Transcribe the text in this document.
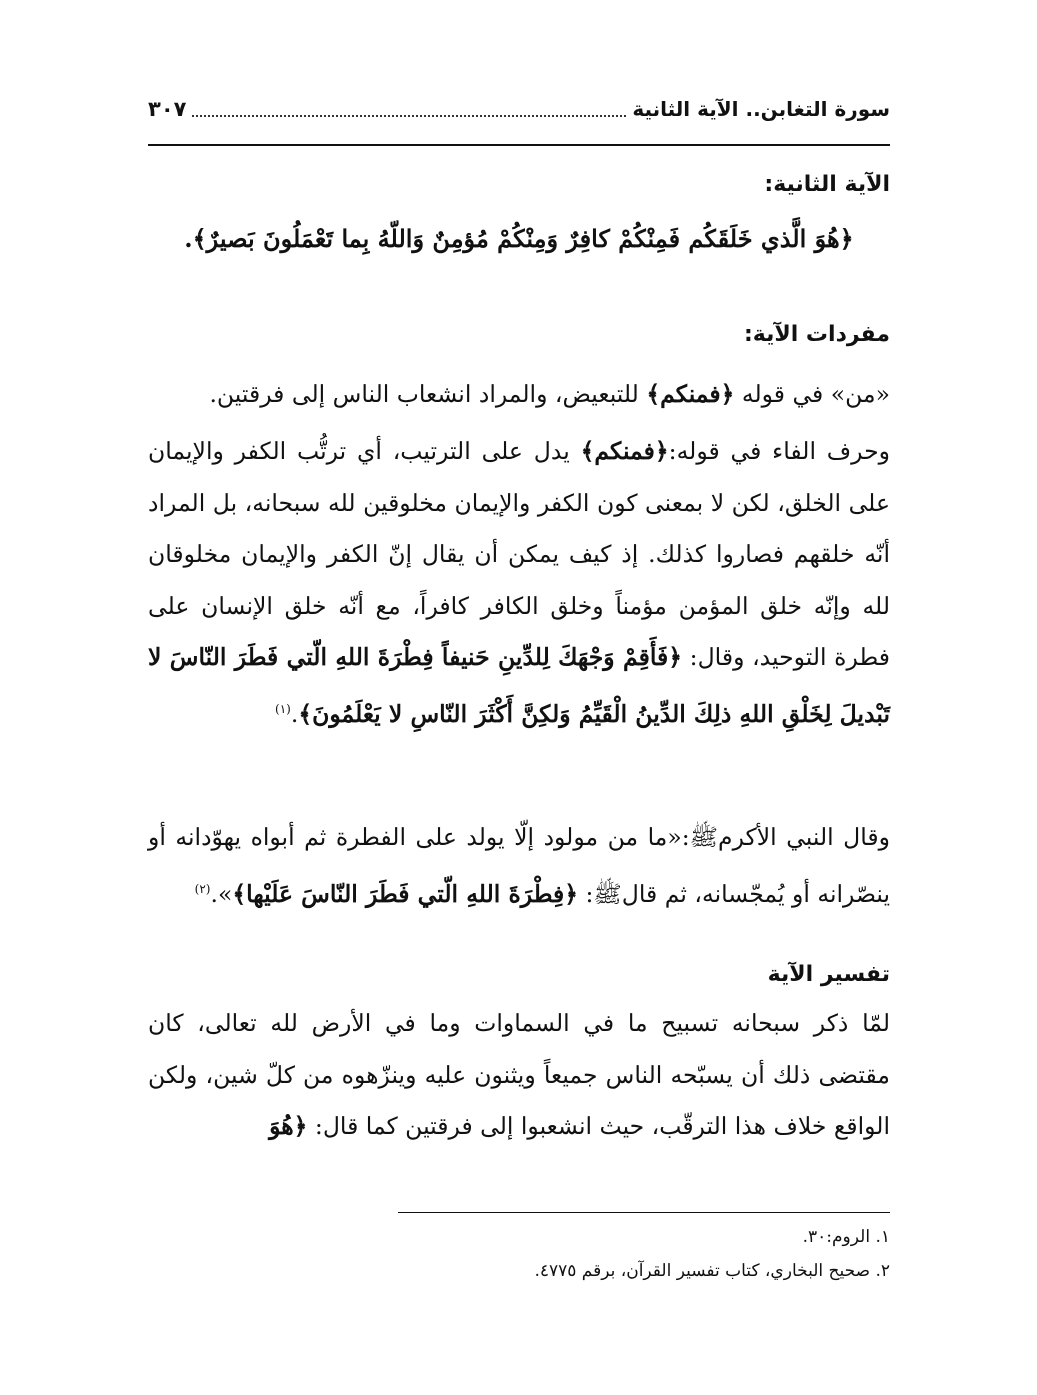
سورة التغابن.. الآية الثانية
٣٠٧
الآية الثانية:
﴿هُوَ الَّذي خَلَقَكُم فَمِنْكُمْ كافِرٌ وَمِنْكُمْ مُؤمِنٌ وَاللّهُ بِما تَعْمَلُونَ بَصيرٌ﴾.
مفردات الآية:
«من» في قوله ﴿فمنكم﴾ للتبعيض، والمراد انشعاب الناس إلى فرقتين.
وحرف الفاء في قوله:﴿فمنكم﴾ يدل على الترتيب، أي ترتُّب الكفر والإيمان على الخلق، لكن لا بمعنى كون الكفر والإيمان مخلوقين لله سبحانه، بل المراد أنّه خلقهم فصاروا كذلك. إذ كيف يمكن أن يقال إنّ الكفر والإيمان مخلوقان لله وإنّه خلق المؤمن مؤمناً وخلق الكافر كافراً، مع أنّه خلق الإنسان على فطرة التوحيد، وقال: ﴿فَأَقِمْ وَجْهَكَ لِلدِّينِ حَنيفاً فِطْرَةَ اللهِ الّتي فَطَرَ النّاسَ لا تَبْديلَ لِخَلْقِ اللهِ ذلِكَ الدِّينُ الْقَيِّمُ وَلكِنَّ أَكْثَرَ النّاسِ لا يَعْلَمُونَ﴾.$^{(١)}$
وقال النبي الأكرمﷺ:«ما من مولود إلّا يولد على الفطرة ثم أبواه يهوّدانه أو ينصّرانه أو يُمجّسانه، ثم قالﷺ: ﴿فِطْرَةَ اللهِ الّتي فَطَرَ النّاسَ عَلَيْها﴾».$^{(٢)}$
تفسير الآية
لمّا ذكر سبحانه تسبيح ما في السماوات وما في الأرض لله تعالى، كان مقتضى ذلك أن يسبّحه الناس جميعاً ويثنون عليه وينزّهوه من كلّ شين، ولكن الواقع خلاف هذا الترقّب، حيث انشعبوا إلى فرقتين كما قال: ﴿هُوَ
١. الروم:٣٠.
٢. صحيح البخاري، كتاب تفسير القرآن، برقم ٤٧٧٥.
